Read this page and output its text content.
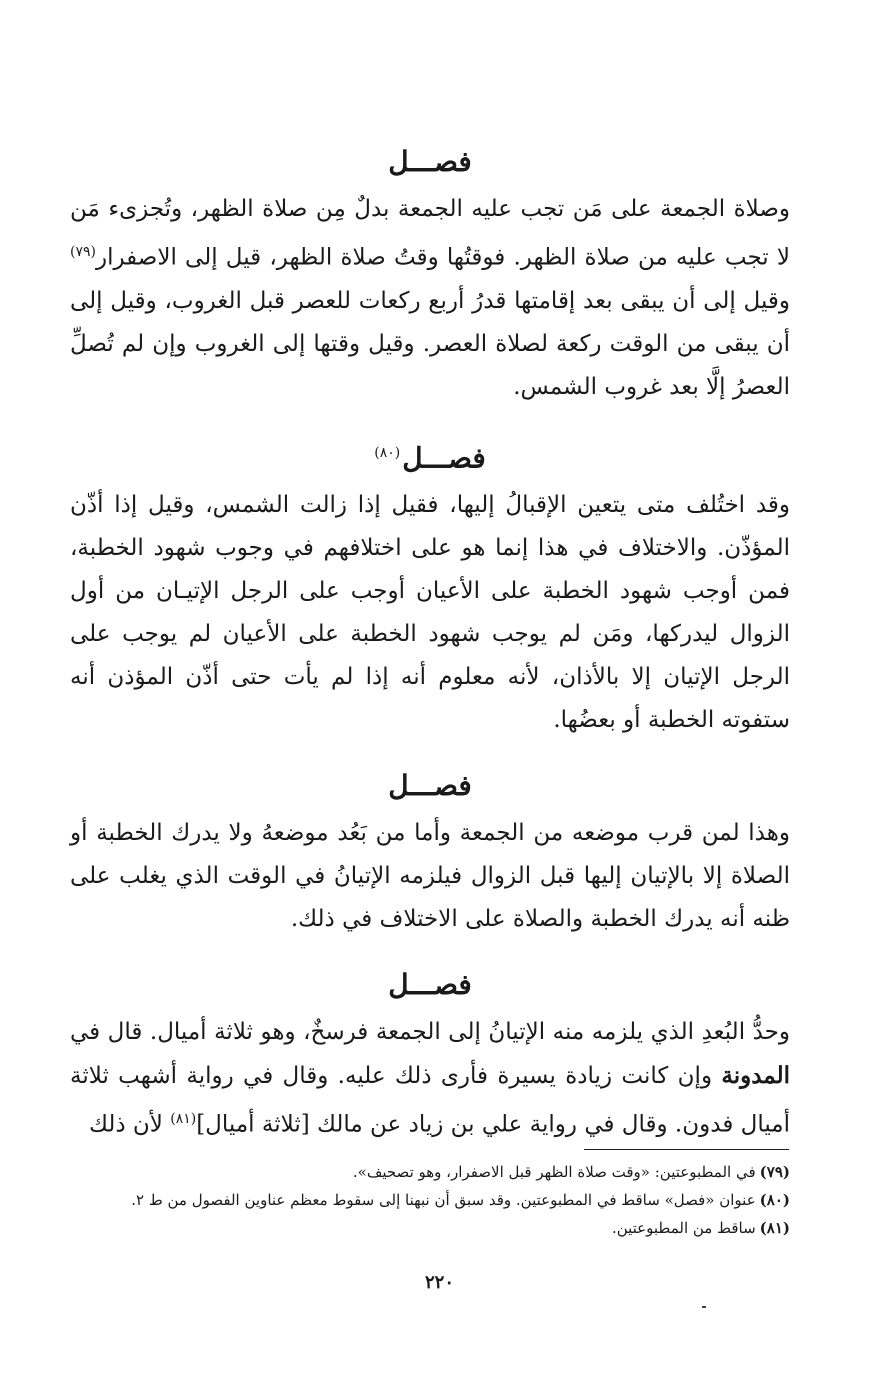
فصـــل

وصلاة الجمعة على مَن تجب عليه الجمعة بدلٌ مِن صلاة الظهر، وتُجزىء مَن لا تجب عليه من صلاة الظهر. فوقتُها وقتُ صلاة الظهر، قيل إلى الاصفرار$^{(٧٩)}$ وقيل إلى أن يبقى بعد إقامتها قدرُ أربع ركعات للعصر قبل الغروب، وقيل إلى أن يبقى من الوقت ركعة لصلاة العصر. وقيل وقتها إلى الغروب وإن لم تُصلِّ العصرُ إلَّا بعد غروب الشمس.

فصـــل$^{(٨٠)}$

وقد اختُلف متى يتعين الإقبالُ إليها، فقيل إذا زالت الشمس، وقيل إذا أذّن المؤذّن. والاختلاف في هذا إنما هو على اختلافهم في وجوب شهود الخطبة، فمن أوجب شهود الخطبة على الأعيان أوجب على الرجل الإتيـان من أول الزوال ليدركها، ومَن لم يوجب شهود الخطبة على الأعيان لم يوجب على الرجل الإتيان إلا بالأذان، لأنه معلوم أنه إذا لم يأت حتى أذّن المؤذن أنه ستفوته الخطبة أو بعضُها.

فصـــل

وهذا لمن قرب موضعه من الجمعة وأما من بَعُد موضعهُ ولا يدرك الخطبة أو الصلاة إلا بالإتيان إليها قبل الزوال فيلزمه الإتيانُ في الوقت الذي يغلب على ظنه أنه يدرك الخطبة والصلاة على الاختلاف في ذلك.

فصـــل

وحدُّ البُعدِ الذي يلزمه منه الإتيانُ إلى الجمعة فرسخٌ، وهو ثلاثة أميال. قال في المدونة وإن كانت زيادة يسيرة فأرى ذلك عليه. وقال في رواية أشهب ثلاثة أميال فدون. وقال في رواية علي بن زياد عن مالك [ثلاثة أميال]$^{(٨١)}$ لأن ذلك

(٧٩)في المطبوعتين: «وقت صلاة الظهر قبل الاصفرار، وهو تصحيف».
(٨٠)عنوان «فصل» ساقط في المطبوعتين. وقد سبق أن نبهنا إلى سقوط معظم عناوين الفصول من ط ٢.
(٨١)ساقط من المطبوعتين.
٢٢٠
